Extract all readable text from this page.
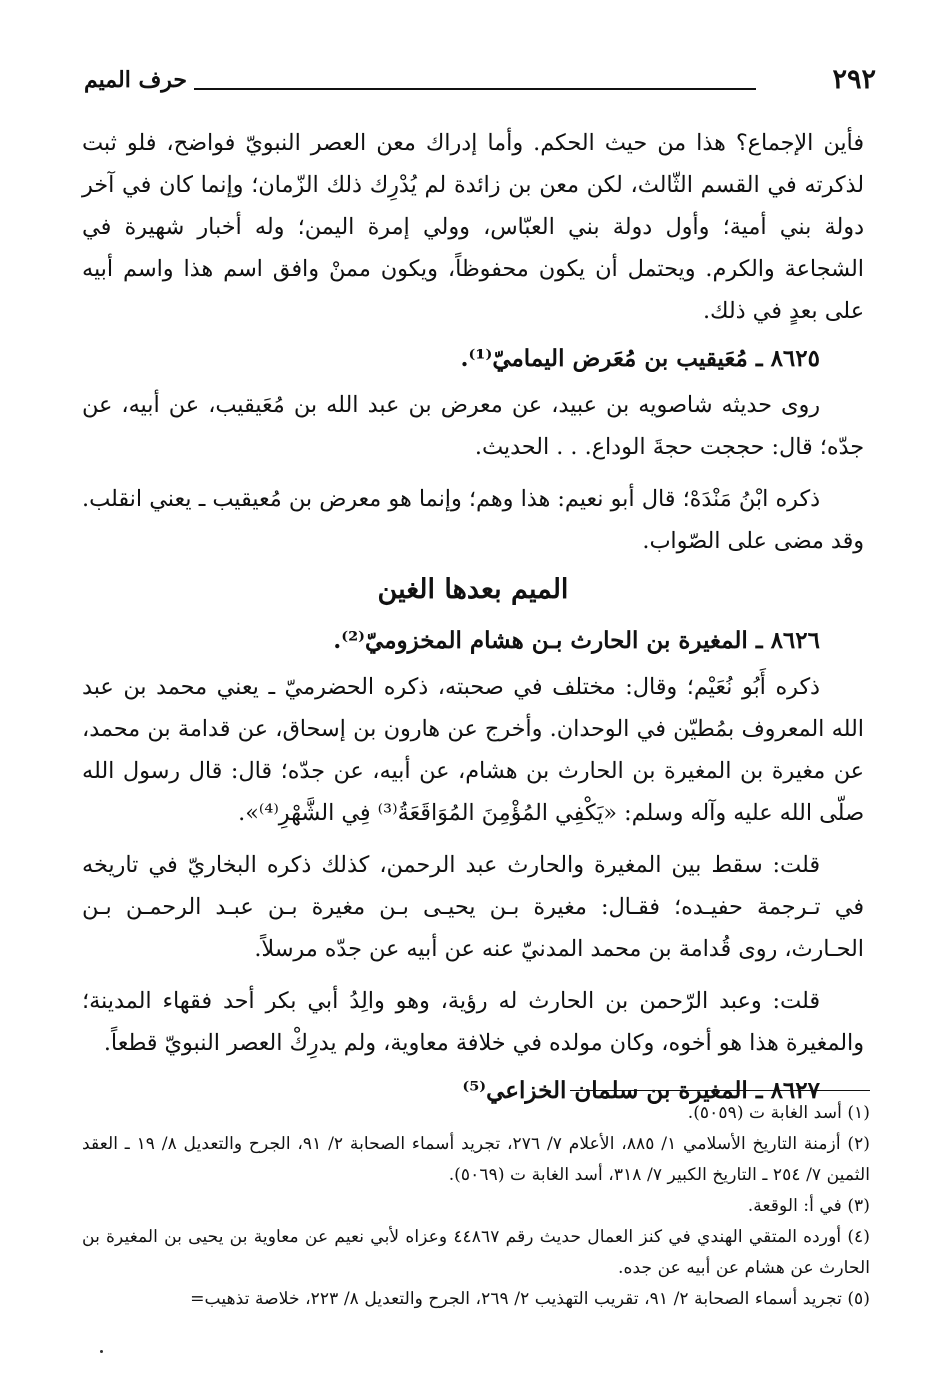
٢٩٢
حرف الميم

فأين الإجماع؟ هذا من حيث الحكم. وأما إدراك معن العصر النبويّ فواضح، فلو ثبت لذكرته في القسم الثّالث، لكن معن بن زائدة لم يُدْرِك ذلك الزّمان؛ وإنما كان في آخر دولة بني أمية؛ وأول دولة بني العبّاس، وولي إمرة اليمن؛ وله أخبار شهيرة في الشجاعة والكرم. ويحتمل أن يكون محفوظاً، ويكون ممنْ وافق اسم هذا واسم أبيه على بعدٍ في ذلك.

٨٦٢٥ ـ مُعَيقيب بن مُعَرض اليماميّ⁽¹⁾.

روى حديثه شاصويه بن عبيد، عن معرض بن عبد الله بن مُعَيقيب، عن أبيه، عن جدّه؛ قال: حججت حجةَ الوداع. . . الحديث.

ذكره ابْنُ مَنْدَهْ؛ قال أبو نعيم: هذا وهم؛ وإنما هو معرض بن مُعيقيب ـ يعني انقلب. وقد مضى على الصّواب.

الميم بعدها الغين
٨٦٢٦ ـ المغيرة بن الحارث بـن هشام المخزوميّ⁽²⁾.

ذكره أَبُو نُعَيْم؛ وقال: مختلف في صحبته، ذكره الحضرميّ ـ يعني محمد بن عبد الله المعروف بمُطيّن في الوحدان. وأخرج عن هارون بن إسحاق، عن قدامة بن محمد، عن مغيرة بن المغيرة بن الحارث بن هشام، عن أبيه، عن جدّه؛ قال: قال رسول الله صلّى الله عليه وآله وسلم: «يَكْفِي المُؤْمِنَ المُوَاقَعَةُ⁽³⁾ فِي الشَّهْرِ⁽⁴⁾».

قلت: سقط بين المغيرة والحارث عبد الرحمن، كذلك ذكره البخاريّ في تاريخه في تـرجمة حفيـده؛ فقـال: مغيرة بـن يحيـى بـن مغيرة بـن عبـد الرحمـن بـن الحـارث، روى قُدامة بن محمد المدنيّ عنه عن أبيه عن جدّه مرسلاً.

قلت: وعبد الرّحمن بن الحارث له رؤية، وهو والِدُ أبي بكر أحد فقهاء المدينة؛ والمغيرة هذا هو أخوه، وكان مولده في خلافة معاوية، ولم يدرِكْ العصر النبويّ قطعاً.

٨٦٢٧ ـ المغيرة بن سلمان الخزاعي⁽⁵⁾

(١) أسد الغابة ت (٥٠٥٩).

(٢) أزمنة التاريخ الأسلامي ١/ ٨٨٥، الأعلام ٧/ ٢٧٦، تجريد أسماء الصحابة ٢/ ٩١، الجرح والتعديل ٨/ ١٩ ـ العقد الثمين ٧/ ٢٥٤ ـ التاريخ الكبير ٧/ ٣١٨، أسد الغابة ت (٥٠٦٩).

(٣) في أ: الوقعة.

(٤) أورده المتقي الهندي في كنز العمال حديث رقم ٤٤٨٦٧ وعزاه لأبي نعيم عن معاوية بن يحيى بن المغيرة بن الحارث عن هشام عن أبيه عن جده.

(٥) تجريد أسماء الصحابة ٢/ ٩١، تقريب التهذيب ٢/ ٢٦٩، الجرح والتعديل ٨/ ٢٢٣، خلاصة تذهيب=
